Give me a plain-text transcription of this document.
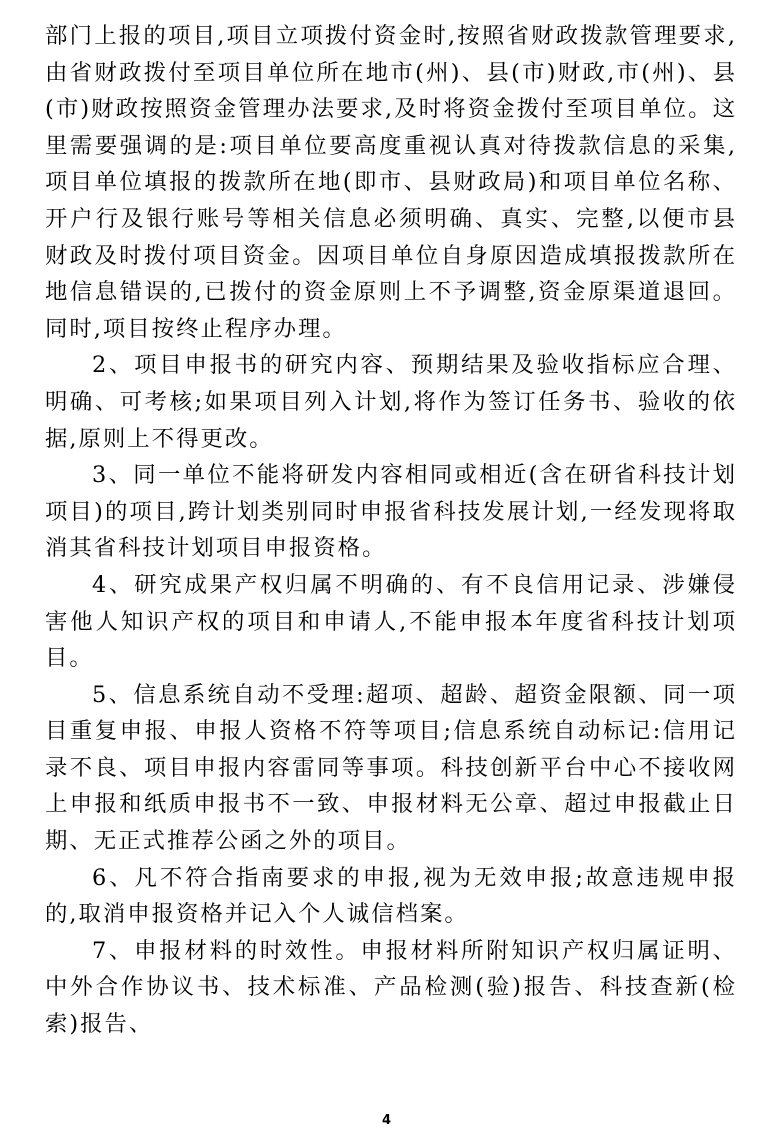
部门上报的项目,项目立项拨付资金时,按照省财政拨款管理要求,由省财政拨付至项目单位所在地市(州)、县(市)财政,市(州)、县(市)财政按照资金管理办法要求,及时将资金拨付至项目单位。这里需要强调的是:项目单位要高度重视认真对待拨款信息的采集,项目单位填报的拨款所在地(即市、县财政局)和项目单位名称、开户行及银行账号等相关信息必须明确、真实、完整,以便市县财政及时拨付项目资金。因项目单位自身原因造成填报拨款所在地信息错误的,已拨付的资金原则上不予调整,资金原渠道退回。同时,项目按终止程序办理。

2、项目申报书的研究内容、预期结果及验收指标应合理、明确、可考核;如果项目列入计划,将作为签订任务书、验收的依据,原则上不得更改。

3、同一单位不能将研发内容相同或相近(含在研省科技计划项目)的项目,跨计划类别同时申报省科技发展计划,一经发现将取消其省科技计划项目申报资格。

4、研究成果产权归属不明确的、有不良信用记录、涉嫌侵害他人知识产权的项目和申请人,不能申报本年度省科技计划项目。

5、信息系统自动不受理:超项、超龄、超资金限额、同一项目重复申报、申报人资格不符等项目;信息系统自动标记:信用记录不良、项目申报内容雷同等事项。科技创新平台中心不接收网上申报和纸质申报书不一致、申报材料无公章、超过申报截止日期、无正式推荐公函之外的项目。

6、凡不符合指南要求的申报,视为无效申报;故意违规申报的,取消申报资格并记入个人诚信档案。

7、申报材料的时效性。申报材料所附知识产权归属证明、中外合作协议书、技术标准、产品检测(验)报告、科技查新(检索)报告、

4
